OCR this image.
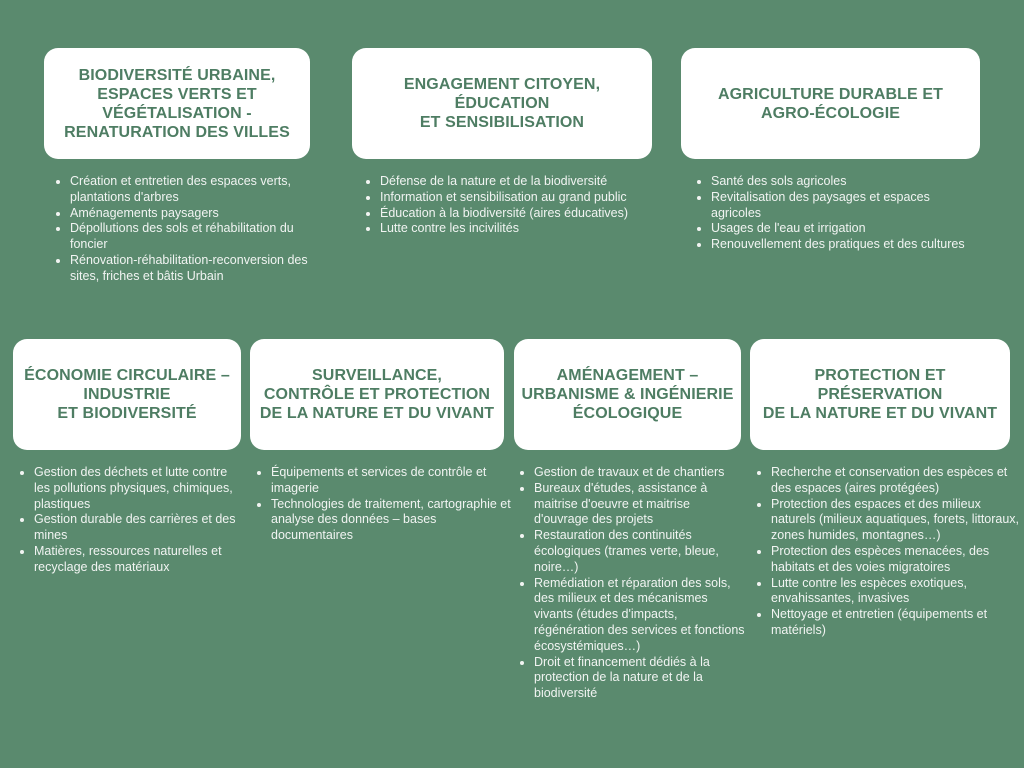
BIODIVERSITÉ URBAINE,
ESPACES VERTS ET
VÉGÉTALISATION -
RENATURATION DES VILLES
• Création et entretien des espaces verts, plantations d'arbres
• Aménagements paysagers
• Dépollutions des sols et réhabilitation du foncier
• Rénovation-réhabilitation-reconversion des sites, friches et bâtis Urbain
ENGAGEMENT CITOYEN,
ÉDUCATION
ET SENSIBILISATION
• Défense de la nature et de la biodiversité
• Information et sensibilisation au grand public
• Éducation à la biodiversité (aires éducatives)
• Lutte contre les incivilités
AGRICULTURE DURABLE ET
AGRO-ÉCOLOGIE
• Santé des sols agricoles
• Revitalisation des paysages et espaces agricoles
• Usages de l'eau et irrigation
• Renouvellement des pratiques et des cultures
ÉCONOMIE CIRCULAIRE –
INDUSTRIE
ET BIODIVERSITÉ
• Gestion des déchets et lutte contre les pollutions physiques, chimiques, plastiques
• Gestion durable des carrières et des mines
• Matières, ressources naturelles et recyclage des matériaux
SURVEILLANCE,
CONTRÔLE ET PROTECTION
DE LA NATURE ET DU VIVANT
• Équipements et services de contrôle et imagerie
• Technologies de traitement, cartographie et analyse des données – bases documentaires
AMÉNAGEMENT –
URBANISME & INGÉNIERIE
ÉCOLOGIQUE
• Gestion de travaux et de chantiers
• Bureaux d'études, assistance à maitrise d'oeuvre et maitrise d'ouvrage des projets
• Restauration des continuités écologiques (trames verte, bleue, noire…)
• Remédiation et réparation des sols, des milieux et des mécanismes vivants (études d'impacts, régénération des services et fonctions écosystémiques…)
• Droit et financement dédiés à la protection de la nature et de la biodiversité
PROTECTION ET
PRÉSERVATION
DE LA NATURE ET DU VIVANT
• Recherche et conservation des espèces et des espaces (aires protégées)
• Protection des espaces et des milieux naturels (milieux aquatiques, forets, littoraux, zones humides, montagnes…)
• Protection des espèces menacées, des habitats et des voies migratoires
• Lutte contre les espèces exotiques, envahissantes, invasives
• Nettoyage et entretien (équipements et matériels)
